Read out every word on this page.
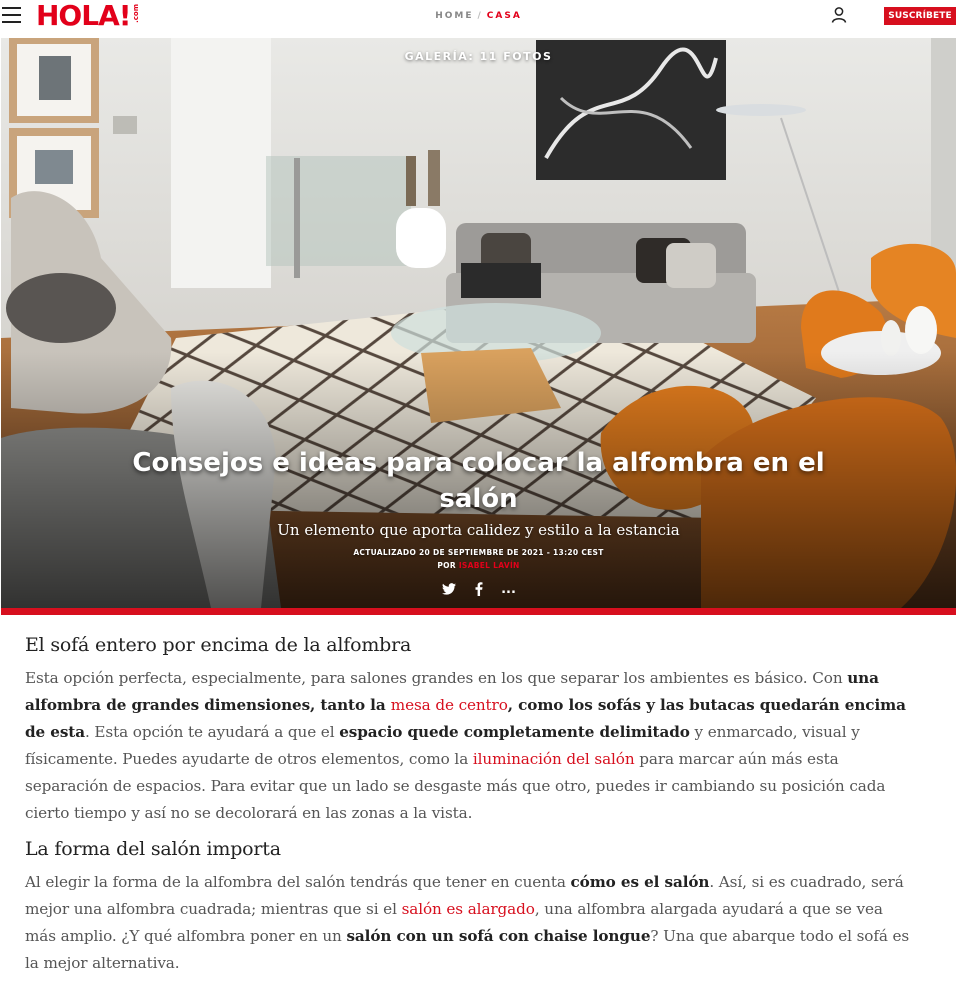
HOLA! .com	HOME / CASA	SUSCRÍBETE
GALERÍA: 11 FOTOS
Consejos e ideas para colocar la alfombra en el salón
Un elemento que aporta calidez y estilo a la estancia
ACTUALIZADO 20 DE SEPTIEMBRE DE 2021 - 13:20 CEST
POR ISABEL LAVÍN
...
El sofá entero por encima de la alfombra

Esta opción perfecta, especialmente, para salones grandes en los que separar los ambientes es básico. Con una alfombra de grandes dimensiones, tanto la mesa de centro, como los sofás y las butacas quedarán encima de esta. Esta opción te ayudará a que el espacio quede completamente delimitado y enmarcado, visual y físicamente. Puedes ayudarte de otros elementos, como la iluminación del salón para marcar aún más esta separación de espacios. Para evitar que un lado se desgaste más que otro, puedes ir cambiando su posición cada cierto tiempo y así no se decolorará en las zonas a la vista.

La forma del salón importa

Al elegir la forma de la alfombra del salón tendrás que tener en cuenta cómo es el salón. Así, si es cuadrado, será mejor una alfombra cuadrada; mientras que si el salón es alargado, una alfombra alargada ayudará a que se vea más amplio. ¿Y qué alfombra poner en un salón con un sofá con chaise longue? Una que abarque todo el sofá es la mejor alternativa.
